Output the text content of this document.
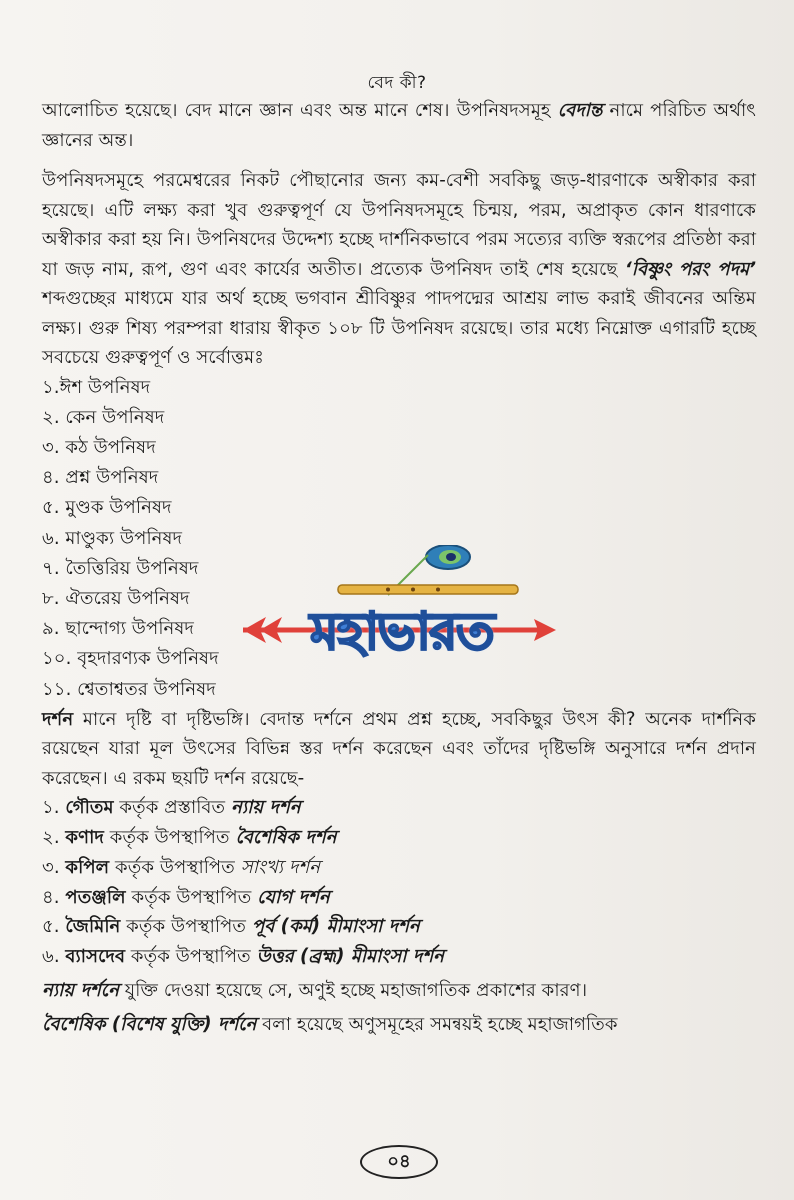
বেদ কী?

আলোচিত হয়েছে। বেদ মানে জ্ঞান এবং অন্ত মানে শেষ। উপনিষদসমূহ বেদান্ত নামে পরিচিত অর্থাৎ জ্ঞানের অন্ত।

উপনিষদসমূহে পরমেশ্বরের নিকট পৌছানোর জন্য কম-বেশী সবকিছু জড়-ধারণাকে অস্বীকার করা হয়েছে। এটি লক্ষ্য করা খুব গুরুত্বপূর্ণ যে উপনিষদসমূহে চিন্ময়, পরম, অপ্রাকৃত কোন ধারণাকে অস্বীকার করা হয় নি। উপনিষদের উদ্দেশ্য হচ্ছে দার্শনিকভাবে পরম সত্যের ব্যক্তি স্বরূপের প্রতিষ্ঠা করা যা জড় নাম, রূপ, গুণ এবং কার্যের অতীত। প্রত্যেক উপনিষদ তাই শেষ হয়েছে ‘বিষ্ণুং পরং পদম’ শব্দগুচ্ছের মাধ্যমে যার অর্থ হচ্ছে ভগবান শ্রীবিষ্ণুর পাদপদ্মের আশ্রয় লাভ করাই জীবনের অন্তিম লক্ষ্য। গুরু শিষ্য পরম্পরা ধারায় স্বীকৃত ১০৮ টি উপনিষদ রয়েছে। তার মধ্যে নিম্নোক্ত এগারটি হচ্ছে সবচেয়ে গুরুত্বপূর্ণ ও সর্বোত্তমঃ

১.ঈশ উপনিষদ
২. কেন উপনিষদ
৩. কঠ উপনিষদ
৪. প্রশ্ন উপনিষদ
৫. মুণ্ডক উপনিষদ
৬. মাণ্ডুক্য উপনিষদ
৭. তৈত্তিরিয় উপনিষদ
৮. ঐতরেয় উপনিষদ
৯. ছান্দোগ্য উপনিষদ
১০. বৃহদারণ্যক উপনিষদ
১১. শ্বেতাশ্বতর উপনিষদ

দর্শন মানে দৃষ্টি বা দৃষ্টিভঙ্গি। বেদান্ত দর্শনে প্রথম প্রশ্ন হচ্ছে, সবকিছুর উৎস কী? অনেক দার্শনিক রয়েছেন যারা মূল উৎসের বিভিন্ন স্তর দর্শন করেছেন এবং তাঁদের দৃষ্টিভঙ্গি অনুসারে দর্শন প্রদান করেছেন। এ রকম ছয়টি দর্শন রয়েছে-

১. গৌতম কর্তৃক প্রস্তাবিত ন্যায় দর্শন
২. কণাদ কর্তৃক উপস্থাপিত বৈশেষিক দর্শন
৩. কপিল কর্তৃক উপস্থাপিত সাংখ্য দর্শন
৪. পতঞ্জলি কর্তৃক উপস্থাপিত যোগ দর্শন
৫. জৈমিনি কর্তৃক উপস্থাপিত পূর্ব (কর্ম) মীমাংসা দর্শন
৬. ব্যাসদেব কর্তৃক উপস্থাপিত উত্তর (ব্রহ্ম) মীমাংসা দর্শন

ন্যায় দর্শনে যুক্তি দেওয়া হয়েছে সে, অণুই হচ্ছে মহাজাগতিক প্রকাশের কারণ।

বৈশেষিক (বিশেষ যুক্তি) দর্শনে বলা হয়েছে অণুসমূহের সমন্বয়ই হচ্ছে মহাজাগতিক

মহাভারত
০৪
